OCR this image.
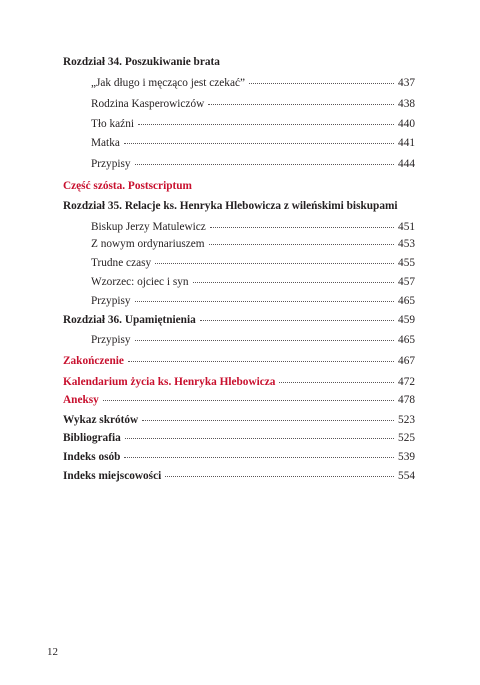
Rozdział 34. Poszukiwanie brata
„Jak długo i męcząco jest czekać”	437
Rodzina Kasperowiczów	438
Tło kaźni	440
Matka	441
Przypisy	444
Część szósta. Postscriptum
Rozdział 35. Relacje ks. Henryka Hlebowicza z wileńskimi biskupami
Biskup Jerzy Matulewicz	451
Z nowym ordynariuszem	453
Trudne czasy	455
Wzorzec: ojciec i syn	457
Przypisy	465
Rozdział 36. Upamiętnienia	459
Przypisy	465
Zakończenie	467
Kalendarium życia ks. Henryka Hlebowicza	472
Aneksy	478
Wykaz skrótów	523
Bibliografia	525
Indeks osób	539
Indeks miejscowości	554
12
